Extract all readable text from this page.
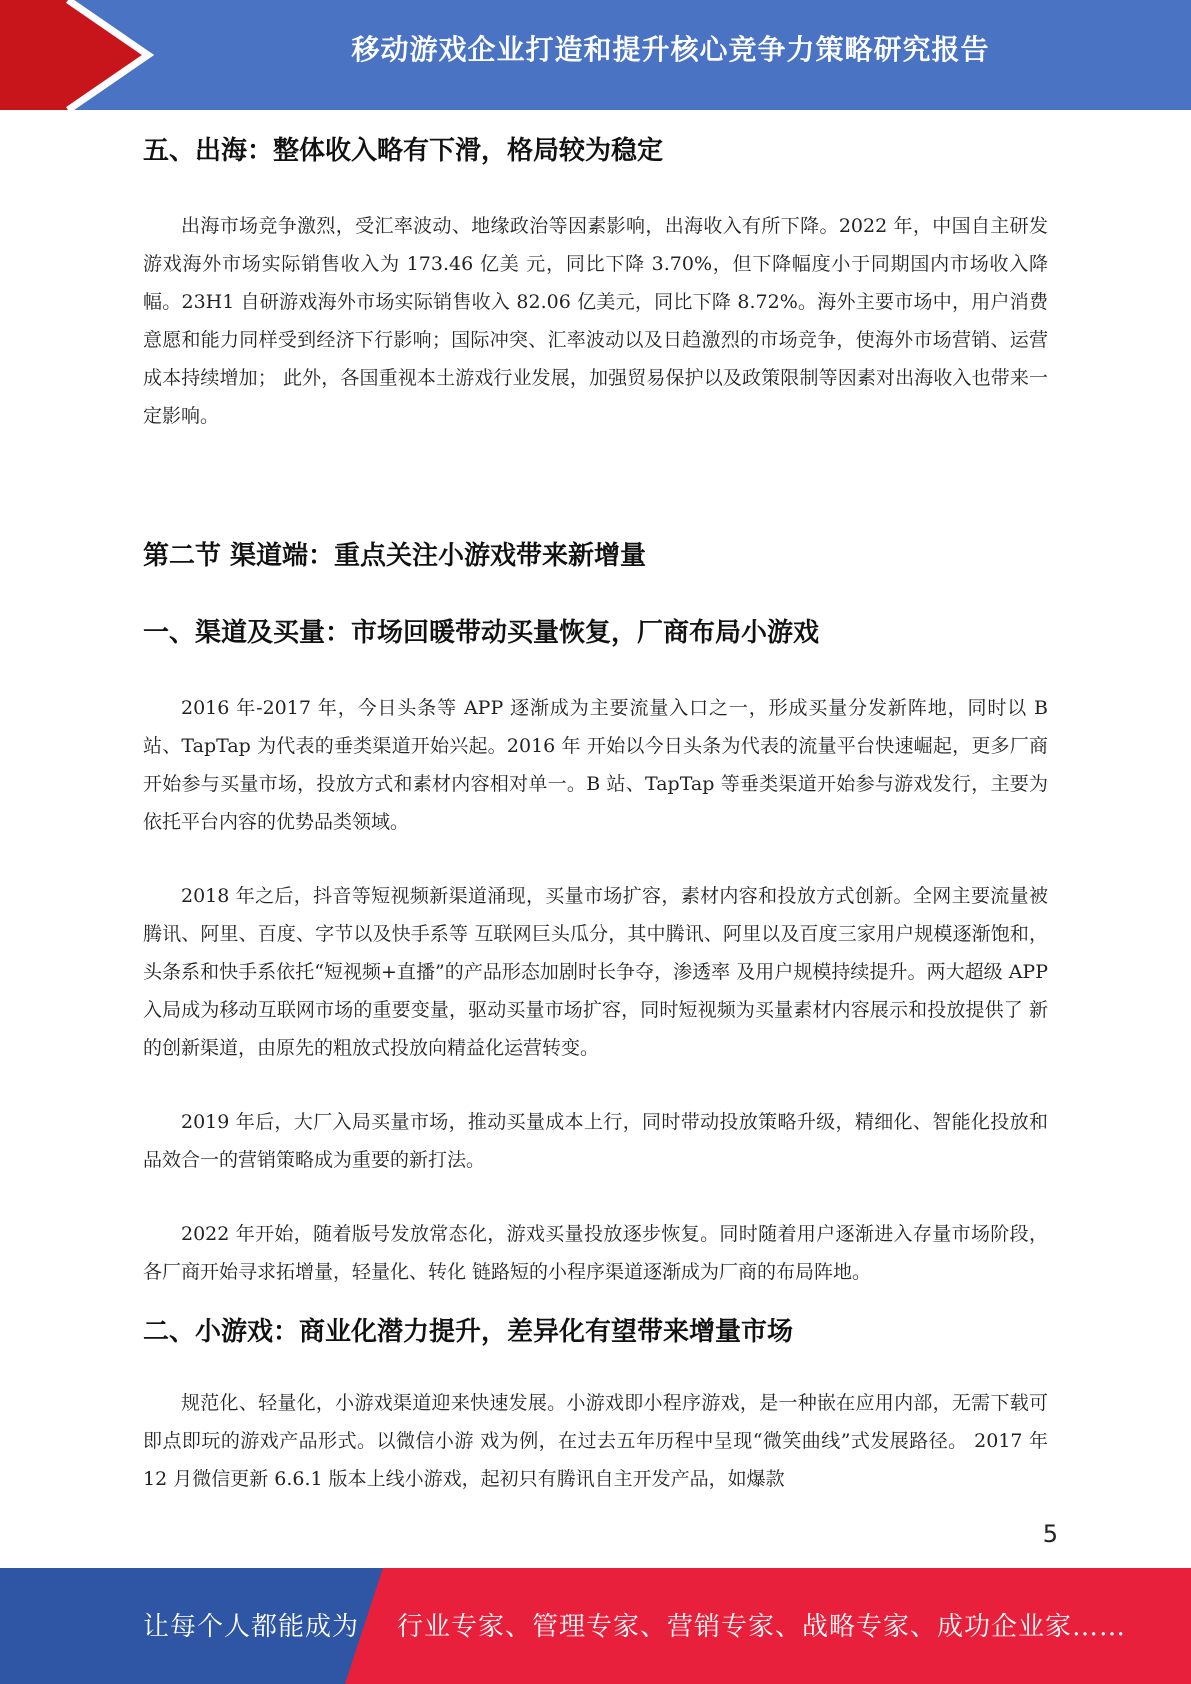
移动游戏企业打造和提升核心竞争力策略研究报告
五、出海：整体收入略有下滑，格局较为稳定

出海市场竞争激烈，受汇率波动、地缘政治等因素影响，出海收入有所下降。2022 年，中国自主研发游戏海外市场实际销售收入为 173.46 亿美 元，同比下降 3.70%，但下降幅度小于同期国内市场收入降幅。23H1 自研游戏海外市场实际销售收入 82.06 亿美元，同比下降 8.72%。海外主要市场中，用户消费意愿和能力同样受到经济下行影响；国际冲突、汇率波动以及日趋激烈的市场竞争，使海外市场营销、运营成本持续增加； 此外，各国重视本土游戏行业发展，加强贸易保护以及政策限制等因素对出海收入也带来一定影响。

第二节 渠道端：重点关注小游戏带来新增量
一、渠道及买量：市场回暖带动买量恢复，厂商布局小游戏

2016 年-2017 年，今日头条等 APP 逐渐成为主要流量入口之一，形成买量分发新阵地，同时以 B 站、TapTap 为代表的垂类渠道开始兴起。2016 年 开始以今日头条为代表的流量平台快速崛起，更多厂商开始参与买量市场，投放方式和素材内容相对单一。B 站、TapTap 等垂类渠道开始参与游戏发行，主要为依托平台内容的优势品类领域。

2018 年之后，抖音等短视频新渠道涌现，买量市场扩容，素材内容和投放方式创新。全网主要流量被腾讯、阿里、百度、字节以及快手系等 互联网巨头瓜分，其中腾讯、阿里以及百度三家用户规模逐渐饱和，头条系和快手系依托“短视频+直播”的产品形态加剧时长争夺，渗透率 及用户规模持续提升。两大超级 APP 入局成为移动互联网市场的重要变量，驱动买量市场扩容，同时短视频为买量素材内容展示和投放提供了 新的创新渠道，由原先的粗放式投放向精益化运营转变。

2019 年后，大厂入局买量市场，推动买量成本上行，同时带动投放策略升级，精细化、智能化投放和品效合一的营销策略成为重要的新打法。

2022 年开始，随着版号发放常态化，游戏买量投放逐步恢复。同时随着用户逐渐进入存量市场阶段，各厂商开始寻求拓增量，轻量化、转化 链路短的小程序渠道逐渐成为厂商的布局阵地。

二、小游戏：商业化潜力提升，差异化有望带来增量市场

规范化、轻量化，小游戏渠道迎来快速发展。小游戏即小程序游戏，是一种嵌在应用内部，无需下载可即点即玩的游戏产品形式。以微信小游 戏为例，在过去五年历程中呈现“微笑曲线”式发展路径。 2017 年 12 月微信更新 6.6.1 版本上线小游戏，起初只有腾讯自主开发产品，如爆款

5
让每个人都能成为 行业专家、管理专家、营销专家、战略专家、成功企业家……
